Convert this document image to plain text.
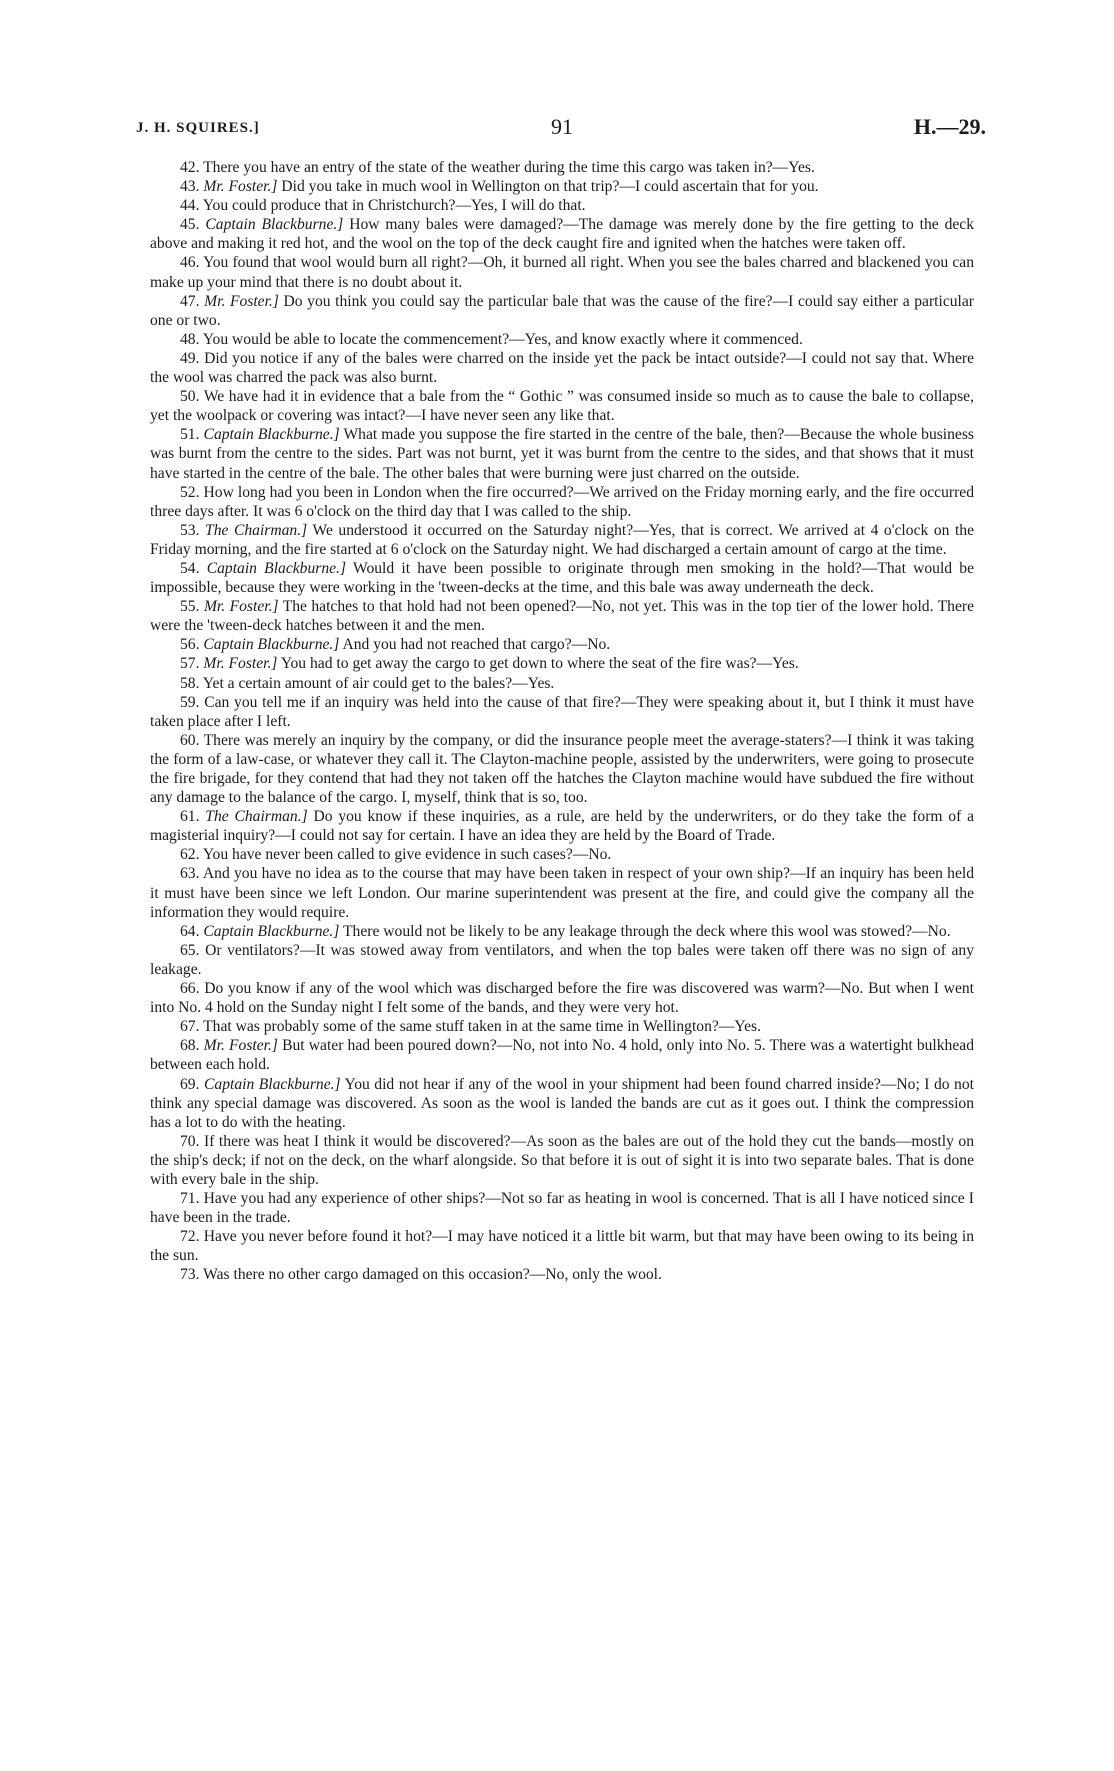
J. H. SQUIRES.]	91	H.—29.

42. There you have an entry of the state of the weather during the time this cargo was taken in?—Yes.

43. Mr. Foster.] Did you take in much wool in Wellington on that trip?—I could ascertain that for you.

44. You could produce that in Christchurch?—Yes, I will do that.

45. Captain Blackburne.] How many bales were damaged?—The damage was merely done by the fire getting to the deck above and making it red hot, and the wool on the top of the deck caught fire and ignited when the hatches were taken off.

46. You found that wool would burn all right?—Oh, it burned all right. When you see the bales charred and blackened you can make up your mind that there is no doubt about it.

47. Mr. Foster.] Do you think you could say the particular bale that was the cause of the fire?—I could say either a particular one or two.

48. You would be able to locate the commencement?—Yes, and know exactly where it commenced.

49. Did you notice if any of the bales were charred on the inside yet the pack be intact outside?—I could not say that. Where the wool was charred the pack was also burnt.

50. We have had it in evidence that a bale from the “ Gothic ” was consumed inside so much as to cause the bale to collapse, yet the woolpack or covering was intact?—I have never seen any like that.

51. Captain Blackburne.] What made you suppose the fire started in the centre of the bale, then?—Because the whole business was burnt from the centre to the sides. Part was not burnt, yet it was burnt from the centre to the sides, and that shows that it must have started in the centre of the bale. The other bales that were burning were just charred on the outside.

52. How long had you been in London when the fire occurred?—We arrived on the Friday morning early, and the fire occurred three days after. It was 6 o'clock on the third day that I was called to the ship.

53. The Chairman.] We understood it occurred on the Saturday night?—Yes, that is correct. We arrived at 4 o'clock on the Friday morning, and the fire started at 6 o'clock on the Saturday night. We had discharged a certain amount of cargo at the time.

54. Captain Blackburne.] Would it have been possible to originate through men smoking in the hold?—That would be impossible, because they were working in the 'tween-decks at the time, and this bale was away underneath the deck.

55. Mr. Foster.] The hatches to that hold had not been opened?—No, not yet. This was in the top tier of the lower hold. There were the 'tween-deck hatches between it and the men.

56. Captain Blackburne.] And you had not reached that cargo?—No.

57. Mr. Foster.] You had to get away the cargo to get down to where the seat of the fire was?—Yes.

58. Yet a certain amount of air could get to the bales?—Yes.

59. Can you tell me if an inquiry was held into the cause of that fire?—They were speaking about it, but I think it must have taken place after I left.

60. There was merely an inquiry by the company, or did the insurance people meet the average-staters?—I think it was taking the form of a law-case, or whatever they call it. The Clayton-machine people, assisted by the underwriters, were going to prosecute the fire brigade, for they contend that had they not taken off the hatches the Clayton machine would have subdued the fire without any damage to the balance of the cargo. I, myself, think that is so, too.

61. The Chairman.] Do you know if these inquiries, as a rule, are held by the underwriters, or do they take the form of a magisterial inquiry?—I could not say for certain. I have an idea they are held by the Board of Trade.

62. You have never been called to give evidence in such cases?—No.

63. And you have no idea as to the course that may have been taken in respect of your own ship?—If an inquiry has been held it must have been since we left London. Our marine superintendent was present at the fire, and could give the company all the information they would require.

64. Captain Blackburne.] There would not be likely to be any leakage through the deck where this wool was stowed?—No.

65. Or ventilators?—It was stowed away from ventilators, and when the top bales were taken off there was no sign of any leakage.

66. Do you know if any of the wool which was discharged before the fire was discovered was warm?—No. But when I went into No. 4 hold on the Sunday night I felt some of the bands, and they were very hot.

67. That was probably some of the same stuff taken in at the same time in Wellington?—Yes.

68. Mr. Foster.] But water had been poured down?—No, not into No. 4 hold, only into No. 5. There was a watertight bulkhead between each hold.

69. Captain Blackburne.] You did not hear if any of the wool in your shipment had been found charred inside?—No; I do not think any special damage was discovered. As soon as the wool is landed the bands are cut as it goes out. I think the compression has a lot to do with the heating.

70. If there was heat I think it would be discovered?—As soon as the bales are out of the hold they cut the bands—mostly on the ship's deck; if not on the deck, on the wharf alongside. So that before it is out of sight it is into two separate bales. That is done with every bale in the ship.

71. Have you had any experience of other ships?—Not so far as heating in wool is concerned. That is all I have noticed since I have been in the trade.

72. Have you never before found it hot?—I may have noticed it a little bit warm, but that may have been owing to its being in the sun.

73. Was there no other cargo damaged on this occasion?—No, only the wool.
